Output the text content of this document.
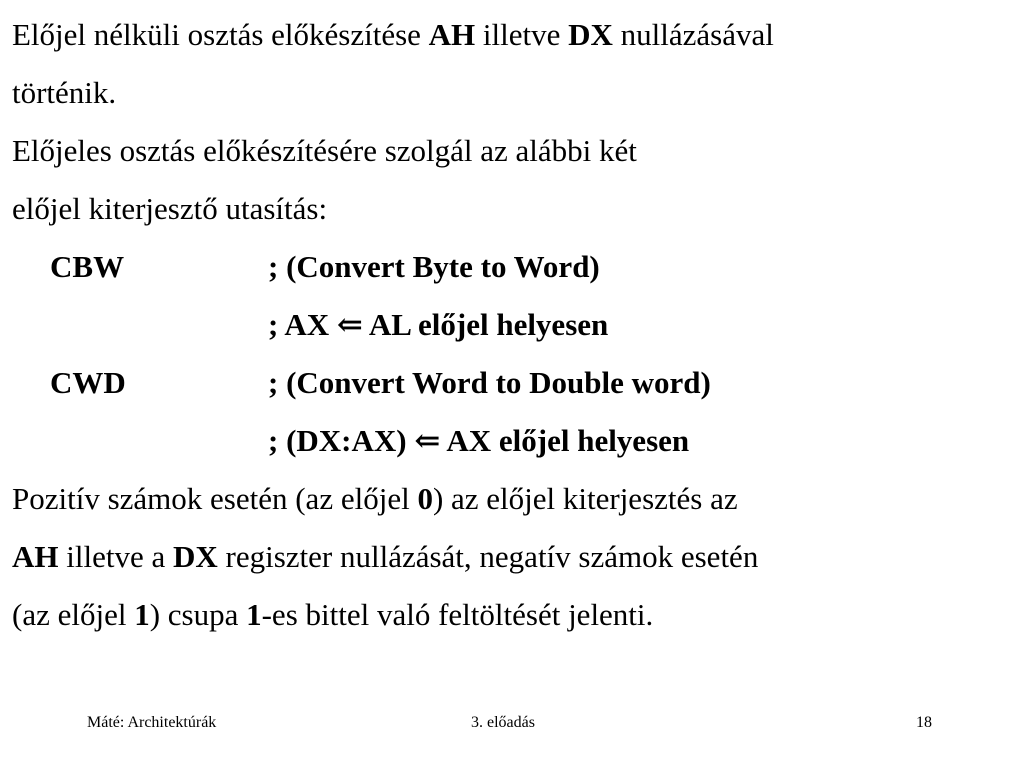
Előjel nélküli osztás előkészítése AH illetve DX nullázásával
történik.
Előjeles osztás előkészítésére szolgál az alábbi két
előjel kiterjesztő utasítás:
CBW	; (Convert Byte to Word)
; AX ⇐ AL előjel helyesen
CWD	; (Convert Word to Double word)
; (DX:AX) ⇐ AX előjel helyesen
Pozitív számok esetén (az előjel 0) az előjel kiterjesztés az
AH illetve a DX regiszter nullázását, negatív számok esetén
(az előjel 1) csupa 1-es bittel való feltöltését jelenti.
Máté: Architektúrák	3. előadás	18
